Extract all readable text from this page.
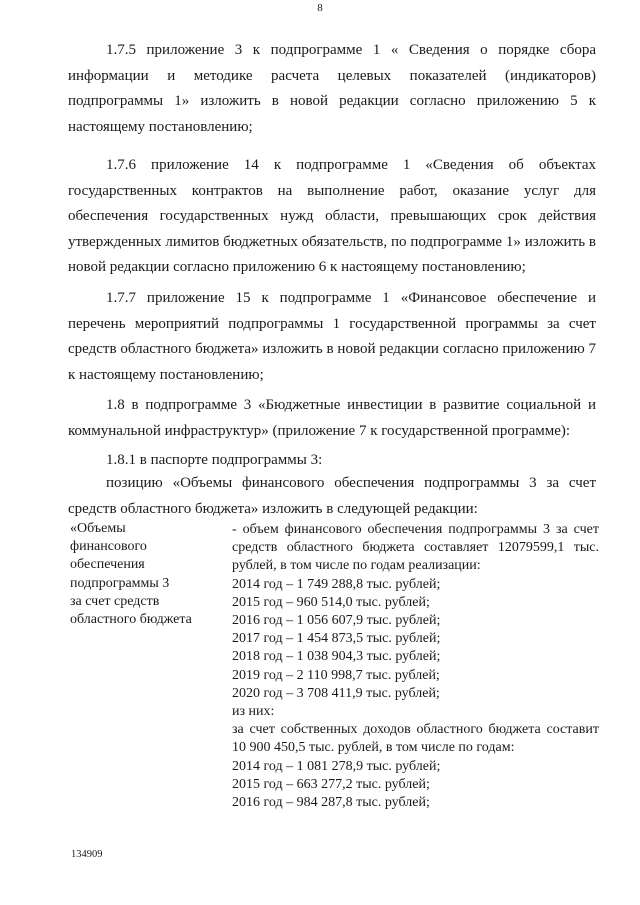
8

1.7.5 приложение 3 к подпрограмме 1 « Сведения о порядке сбора информации и методике расчета целевых показателей (индикаторов) подпрограммы 1» изложить в новой редакции согласно приложению 5 к настоящему постановлению;

1.7.6 приложение 14 к подпрограмме 1 «Сведения об объектах государственных контрактов на выполнение работ, оказание услуг для обеспечения государственных нужд области, превышающих срок действия утвержденных лимитов бюджетных обязательств, по подпрограмме 1» изложить в новой редакции согласно приложению 6 к настоящему постановлению;

1.7.7 приложение 15 к подпрограмме 1 «Финансовое обеспечение и перечень мероприятий подпрограммы 1 государственной программы за счет средств областного бюджета» изложить в новой редакции согласно приложению 7 к настоящему постановлению;

1.8 в подпрограмме 3 «Бюджетные инвестиции в развитие социальной и коммунальной инфраструктур» (приложение 7 к государственной программе):

1.8.1 в паспорте подпрограммы 3:

позицию «Объемы финансового обеспечения подпрограммы 3 за счет средств областного бюджета» изложить в следующей редакции:

«Объемы
финансового
обеспечения
подпрограммы 3
за счет средств
областного бюджета
- объем финансового обеспечения подпрограммы 3 за счет средств областного бюджета составляет 12079599,1 тыс. рублей, в том числе по годам реализации:
2014 год – 1 749 288,8 тыс. рублей;
2015 год – 960 514,0 тыс. рублей;
2016 год – 1 056 607,9 тыс. рублей;
2017 год – 1 454 873,5 тыс. рублей;
2018 год – 1 038 904,3 тыс. рублей;
2019 год – 2 110 998,7 тыс. рублей;
2020 год – 3 708 411,9 тыс. рублей;
из них:
за счет собственных доходов областного бюджета составит 10 900 450,5 тыс. рублей, в том числе по годам:
2014 год – 1 081 278,9 тыс. рублей;
2015 год – 663 277,2 тыс. рублей;
2016 год – 984 287,8 тыс. рублей;
134909
